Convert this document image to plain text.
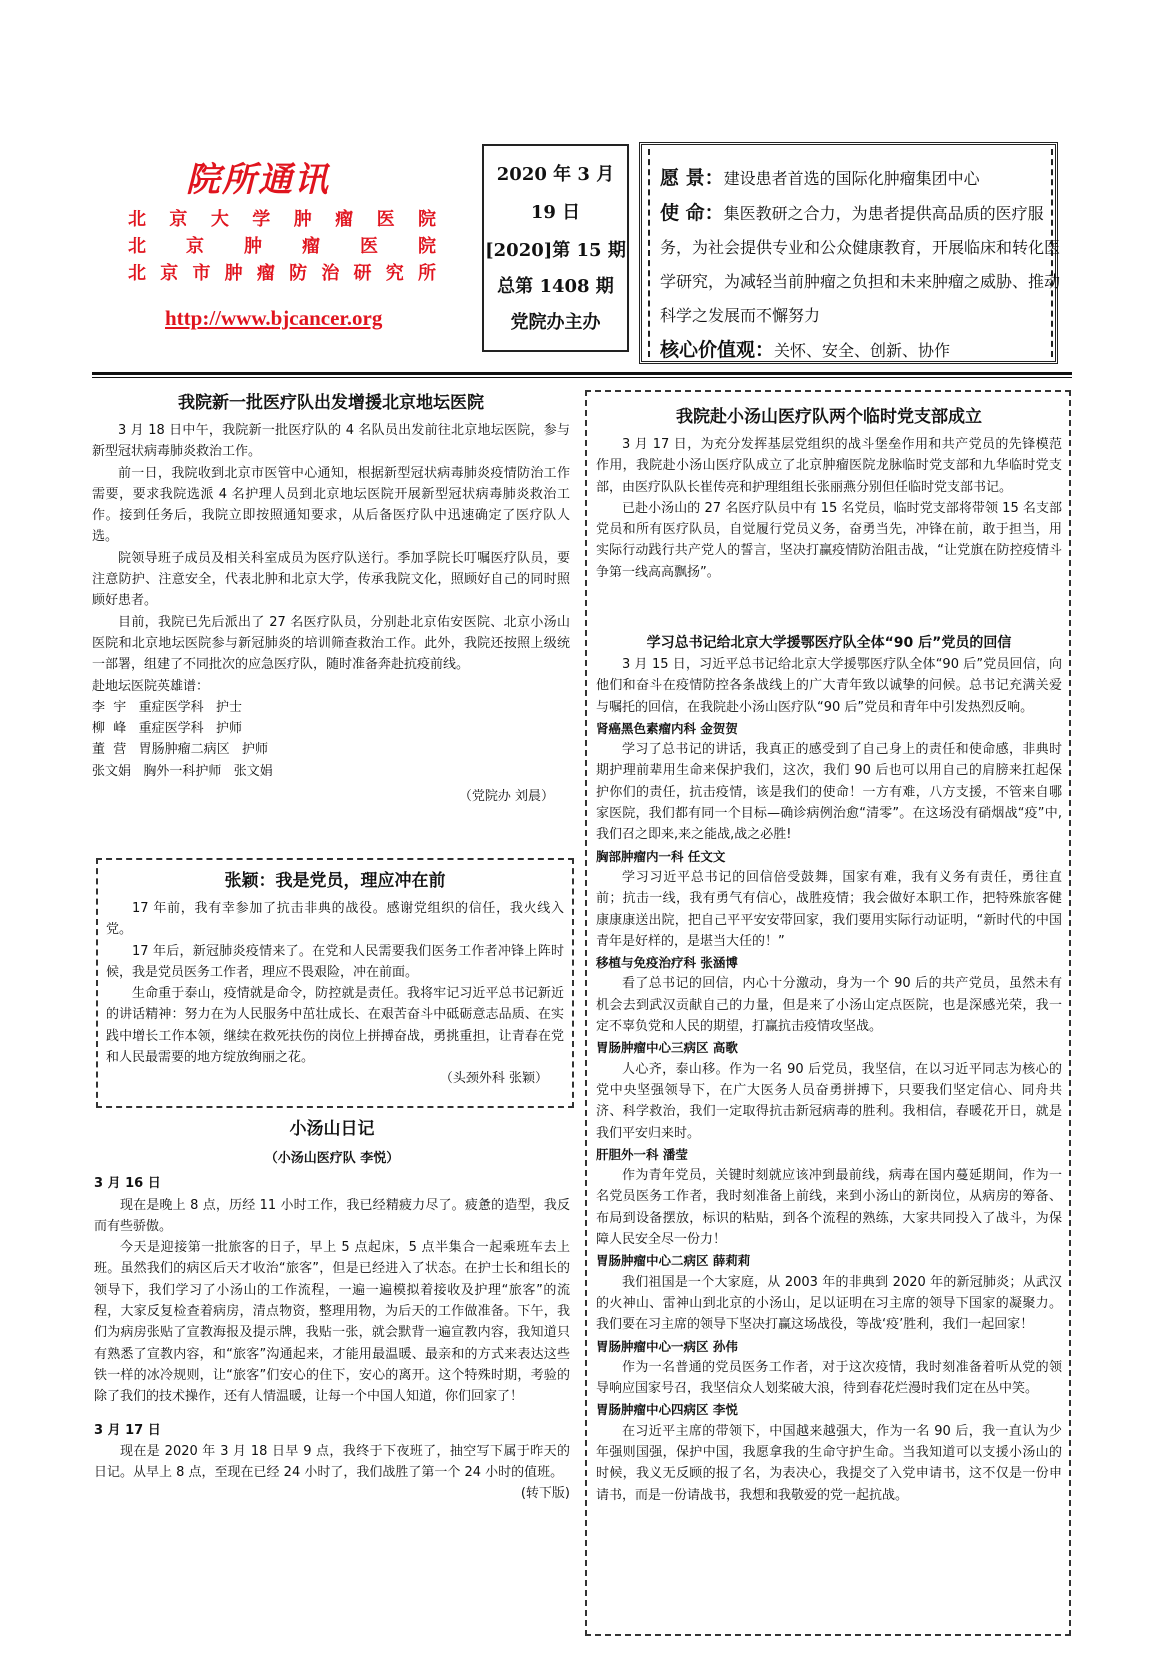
院所通讯
北京大学肿瘤医院
北京肿瘤医院
北京市肿瘤防治研究所
http://www.bjcancer.org
2020 年 3 月
19 日
[2020]第 15 期
总第 1408 期
党院办主办
愿 景：建设患者首选的国际化肿瘤集团中心
使 命：集医教研之合力，为患者提供高品质的医疗服务，为社会提供专业和公众健康教育，开展临床和转化医学研究，为减轻当前肿瘤之负担和未来肿瘤之威胁、推动科学之发展而不懈努力
核心价值观：关怀、安全、创新、协作
我院新一批医疗队出发增援北京地坛医院
3 月 18 日中午，我院新一批医疗队的 4 名队员出发前往北京地坛医院，参与新型冠状病毒肺炎救治工作。
前一日，我院收到北京市医管中心通知，根据新型冠状病毒肺炎疫情防治工作需要，要求我院选派 4 名护理人员到北京地坛医院开展新型冠状病毒肺炎救治工作。接到任务后，我院立即按照通知要求，从后备医疗队中迅速确定了医疗队人选。
院领导班子成员及相关科室成员为医疗队送行。季加孚院长叮嘱医疗队员，要注意防护、注意安全，代表北肿和北京大学，传承我院文化，照顾好自己的同时照顾好患者。
目前，我院已先后派出了 27 名医疗队员，分别赴北京佑安医院、北京小汤山医院和北京地坛医院参与新冠肺炎的培训筛查救治工作。此外，我院还按照上级统一部署，组建了不同批次的应急医疗队，随时准备奔赴抗疫前线。
赴地坛医院英雄谱：
李  宇   重症医学科   护士
柳  峰   重症医学科   护师
董  营   胃肠肿瘤二病区   护师
张文娟   胸外一科护师   张文娟
（党院办 刘晨）
张颖：我是党员，理应冲在前
17 年前，我有幸参加了抗击非典的战役。感谢党组织的信任，我火线入党。
17 年后，新冠肺炎疫情来了。在党和人民需要我们医务工作者冲锋上阵时候，我是党员医务工作者，理应不畏艰险，冲在前面。
生命重于泰山，疫情就是命令，防控就是责任。我将牢记习近平总书记新近的讲话精神：努力在为人民服务中茁壮成长、在艰苦奋斗中砥砺意志品质、在实践中增长工作本领，继续在救死扶伤的岗位上拼搏奋战，勇挑重担，让青春在党和人民最需要的地方绽放绚丽之花。
（头颈外科 张颖）
小汤山日记
（小汤山医疗队 李悦）
3 月 16 日
现在是晚上 8 点，历经 11 小时工作，我已经精疲力尽了。疲惫的造型，我反而有些骄傲。
今天是迎接第一批旅客的日子，早上 5 点起床，5 点半集合一起乘班车去上班。虽然我们的病区后天才收治“旅客”，但是已经进入了状态。在护士长和组长的领导下，我们学习了小汤山的工作流程，一遍一遍模拟着接收及护理“旅客”的流程，大家反复检查着病房，清点物资，整理用物，为后天的工作做准备。下午，我们为病房张贴了宣教海报及提示牌，我贴一张，就会默背一遍宣教内容，我知道只有熟悉了宣教内容，和“旅客”沟通起来，才能用最温暖、最亲和的方式来表达这些铁一样的冰冷规则，让“旅客”们安心的住下，安心的离开。这个特殊时期，考验的除了我们的技术操作，还有人情温暖，让每一个中国人知道，你们回家了！
3 月 17 日
现在是 2020 年 3 月 18 日早 9 点，我终于下夜班了，抽空写下属于昨天的日记。从早上 8 点，至现在已经 24 小时了，我们战胜了第一个 24 小时的值班。
(转下版)
我院赴小汤山医疗队两个临时党支部成立
3 月 17 日，为充分发挥基层党组织的战斗堡垒作用和共产党员的先锋模范作用，我院赴小汤山医疗队成立了北京肿瘤医院龙脉临时党支部和九华临时党支部，由医疗队队长崔传亮和护理组组长张丽燕分别但任临时党支部书记。
已赴小汤山的 27 名医疗队员中有 15 名党员，临时党支部将带领 15 名支部党员和所有医疗队员，自觉履行党员义务，奋勇当先，冲锋在前，敢于担当，用实际行动践行共产党人的誓言，坚决打赢疫情防治阻击战，“让党旗在防控疫情斗争第一线高高飘扬”。
学习总书记给北京大学援鄂医疗队全体“90 后”党员的回信
3 月 15 日，习近平总书记给北京大学援鄂医疗队全体“90 后”党员回信，向他们和奋斗在疫情防控各条战线上的广大青年致以诚挚的问候。总书记充满关爱与嘱托的回信，在我院赴小汤山医疗队“90 后”党员和青年中引发热烈反响。
肾癌黑色素瘤内科 金贺贺
学习了总书记的讲话，我真正的感受到了自己身上的责任和使命感，非典时期护理前辈用生命来保护我们，这次，我们 90 后也可以用自己的肩膀来扛起保护你们的责任，抗击疫情，该是我们的使命！一方有难，八方支援，不管来自哪家医院，我们都有同一个目标—确诊病例治愈“清零”。在这场没有硝烟战“疫”中,我们召之即来,来之能战,战之必胜!
胸部肿瘤内一科 任文文
学习习近平总书记的回信倍受鼓舞，国家有难，我有义务有责任，勇往直前；抗击一线，我有勇气有信心，战胜疫情；我会做好本职工作，把特殊旅客健康康康送出院，把自己平平安安带回家，我们要用实际行动证明，“新时代的中国青年是好样的，是堪当大任的！”
移植与免疫治疗科 张涵博
看了总书记的回信，内心十分激动，身为一个 90 后的共产党员，虽然未有机会去到武汉贡献自己的力量，但是来了小汤山定点医院，也是深感光荣，我一定不辜负党和人民的期望，打赢抗击疫情攻坚战。
胃肠肿瘤中心三病区 高歌
人心齐，泰山移。作为一名 90 后党员，我坚信，在以习近平同志为核心的党中央坚强领导下，在广大医务人员奋勇拼搏下，只要我们坚定信心、同舟共济、科学救治，我们一定取得抗击新冠病毒的胜利。我相信，春暖花开日，就是我们平安归来时。
肝胆外一科 潘莹
作为青年党员，关键时刻就应该冲到最前线，病毒在国内蔓延期间，作为一名党员医务工作者，我时刻准备上前线，来到小汤山的新岗位，从病房的筹备、布局到设备摆放，标识的粘贴，到各个流程的熟练，大家共同投入了战斗，为保障人民安全尽一份力！
胃肠肿瘤中心二病区 薛莉莉
我们祖国是一个大家庭，从 2003 年的非典到 2020 年的新冠肺炎；从武汉的火神山、雷神山到北京的小汤山，足以证明在习主席的领导下国家的凝聚力。我们要在习主席的领导下坚决打赢这场战役，等战‘疫’胜利，我们一起回家！
胃肠肿瘤中心一病区 孙伟
作为一名普通的党员医务工作者，对于这次疫情，我时刻准备着听从党的领导响应国家号召，我坚信众人划桨破大浪，待到春花烂漫时我们定在丛中笑。
胃肠肿瘤中心四病区 李悦
在习近平主席的带领下，中国越来越强大，作为一名 90 后，我一直认为少年强则国强，保护中国，我愿拿我的生命守护生命。当我知道可以支援小汤山的时候，我义无反顾的报了名，为表决心，我提交了入党申请书，这不仅是一份申请书，而是一份请战书，我想和我敬爱的党一起抗战。
